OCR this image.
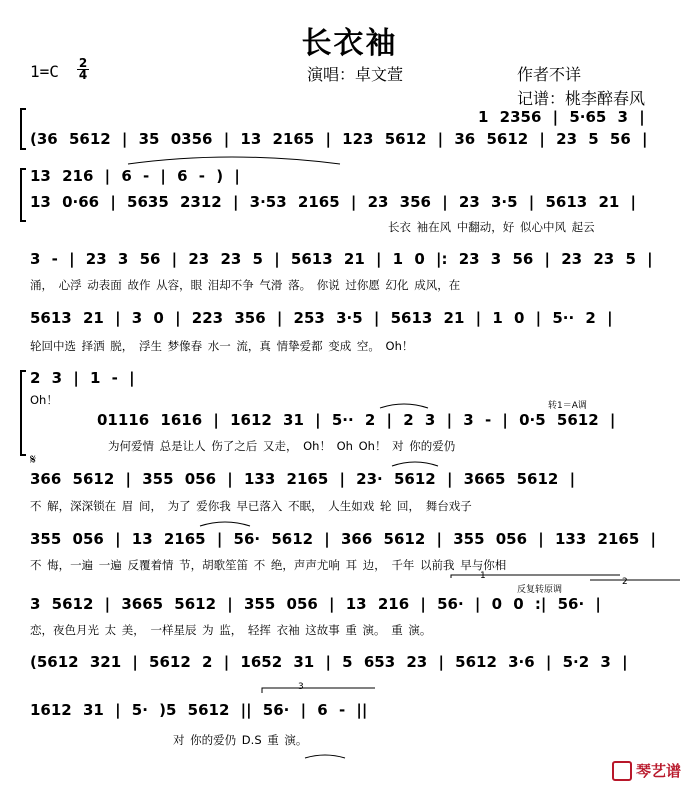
长衣袖
$1=C \frac{2}{4}$	演唱：卓文萱	作者不详
记谱：桃李醉春风
1 2356 | 5·65 3 |
(36 5612 | 35 0356 | 13 2165 | 123 5612 | 36 5612 | 23 5 56 |
13 216 | 6 - | 6 - ) |
13 0·66 | 5635 2312 | 3·53 2165 | 23 356 | 23 3·5 | 5613 21 |
长衣 袖在风 中翻动，好 似心中风 起云
3 - | 23 3 56 | 23 23 5 | 5613 21 | 1 0 |: 23 3 56 | 23 23 5 |
涌， 心浮 动表面 故作 从容，眼 泪却不争 气滑 落。 你说 过你愿 幻化 成风，在
5613 21 | 3 0 | 223 356 | 253 3·5 | 5613 21 | 1 0 | 5·· 2 |
轮回中选 择洒 脱， 浮生 梦像春 水一 流，真 情挚爱都 变成 空。 Oh！
2 3 | 1 - |
Oh！	转1＝A调
01116 1616 | 1612 31 | 5·· 2 | 2 3 | 3 - | 0·5 5612 |
为何爱情 总是让人 伤了之后 又走， Oh！ Oh Oh！ 对 你的爱仍
𝄋
366 5612 | 355 056 | 133 2165 | 23· 5612 | 3665 5612 |
不 解，深深锁在 眉 间， 为了 爱你我 早已落入 不眠， 人生如戏 轮 回， 舞台戏子
355 056 | 13 2165 | 56· 5612 | 366 5612 | 355 056 | 133 2165 |
不 悔，一遍 一遍 反覆着情 节，胡歌笙笛 不 绝，声声尤响 耳 边， 千年 以前我 早与你相
1
反复转原调
2
3 5612 | 3665 5612 | 355 056 | 13 216 | 56· | 0 0 :| 56· |
恋，夜色月光 太 美， 一样星辰 为 监， 轻挥 衣袖 这故事 重 演。 重 演。
(5612 321 | 5612 2 | 1652 31 | 5 653 23 | 5612 3·6 | 5·2 3 |
3
1612 31 | 5· )5 5612 || 56· | 6 - ||
对 你的爱仍 D.S 重 演。
琴艺谱
